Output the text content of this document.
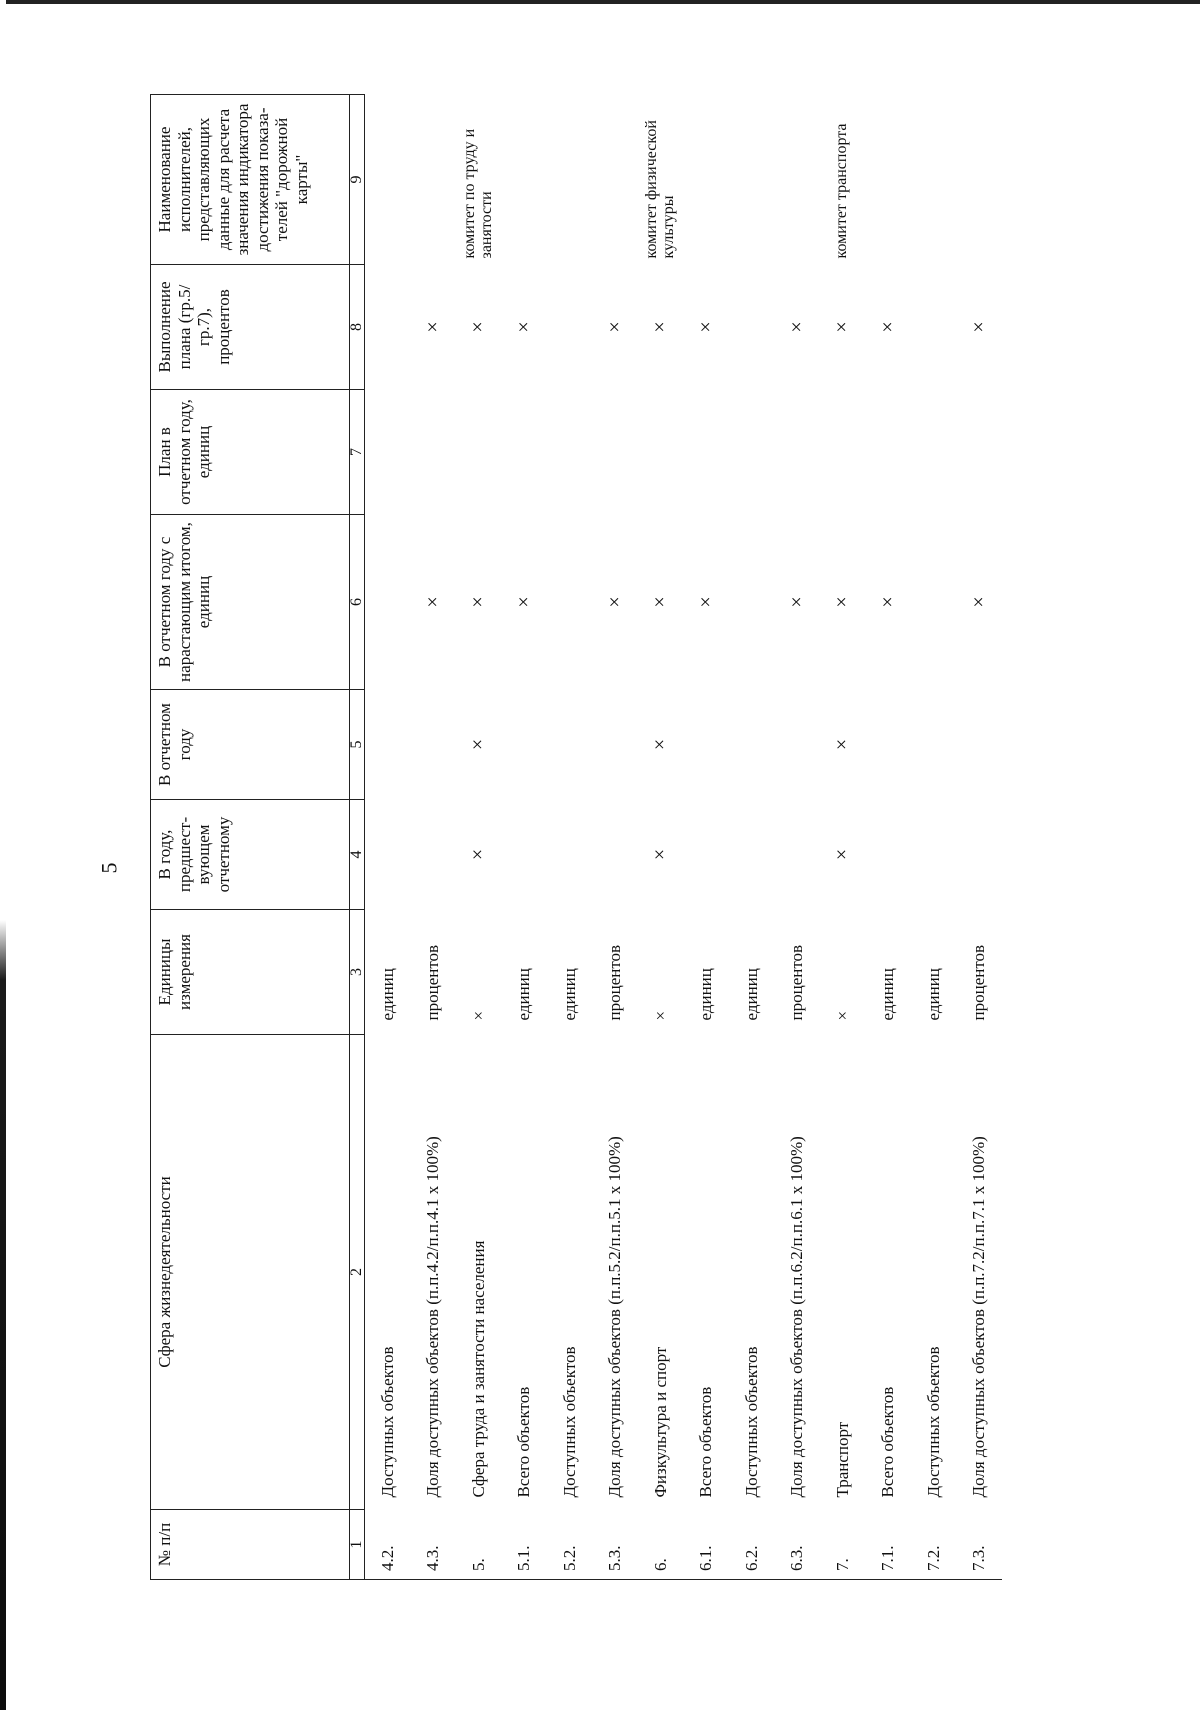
5
№ п/п	Сфера жизнедеятельности	Единицы измерения	В году, предшест-вующем отчетному	В отчетном году	В отчетном году с нарастающим итогом, единиц	План в отчетном году, единиц	Выполнение плана (гр.5/гр.7), процентов	Наименование исполнителей, представляющих данные для расчета значения индикатора достижения показа-телей "дорожной карты"
1	2	3	4	5	6	7	8	9
4.2.	Доступных объектов	единиц						
4.3.	Доля доступных объектов (п.п.4.2/п.п.4.1 х 100%)	процентов			×		×	
5.	Сфера труда и занятости населения	×	×	×	×		×	комитет по труду и занятости
5.1.	Всего объектов	единиц			×		×	
5.2.	Доступных объектов	единиц						
5.3.	Доля доступных объектов (п.п.5.2/п.п.5.1 х 100%)	процентов			×		×	
6.	Физкультура и спорт	×	×	×	×		×	комитет физической культуры
6.1.	Всего объектов	единиц			×		×	
6.2.	Доступных объектов	единиц						
6.3.	Доля доступных объектов (п.п.6.2/п.п.6.1 х 100%)	процентов			×		×	
7.	Транспорт	×	×	×	×		×	комитет транспорта
7.1.	Всего объектов	единиц			×		×	
7.2.	Доступных объектов	единиц						
7.3.	Доля доступных объектов (п.п.7.2/п.п.7.1 х 100%)	процентов			×		×	
